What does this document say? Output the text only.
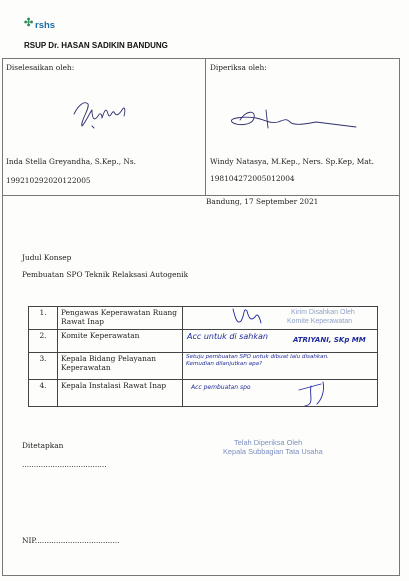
✣ rshs
RSUP Dr. HASAN SADIKIN BANDUNG
Diselesaikan oleh:
Inda Stella Greyandha, S.Kep., Ns.
199210292020122005
Diperiksa oleh:
Windy Natasya, M.Kep., Ners. Sp.Kep, Mat.
198104272005012004
Bandung, 17 September 2021
Judul Konsep
Pembuatan SPO Teknik Relaksasi Autogenik
1.	Pengawas Keperawatan Ruang Rawat Inap	Kirim Disahkan Oleh
Komite Keperawatan

2.	Komite Keperawatan	Acc untuk di sahkan ATRIYANI, SKp MM

3.	Kepala Bidang Pelayanan Keperawatan	Setuju pembuatan SPO untuk dibuat lalu disahkan. Kemudian dilanjutkan apa?

4.	Kepala Instalasi Rawat Inap	Acc pembuatan spo
Telah Diperiksa Oleh
Kepala Subbagian Tata Usaha
Ditetapkan
....................................
NIP....................................
